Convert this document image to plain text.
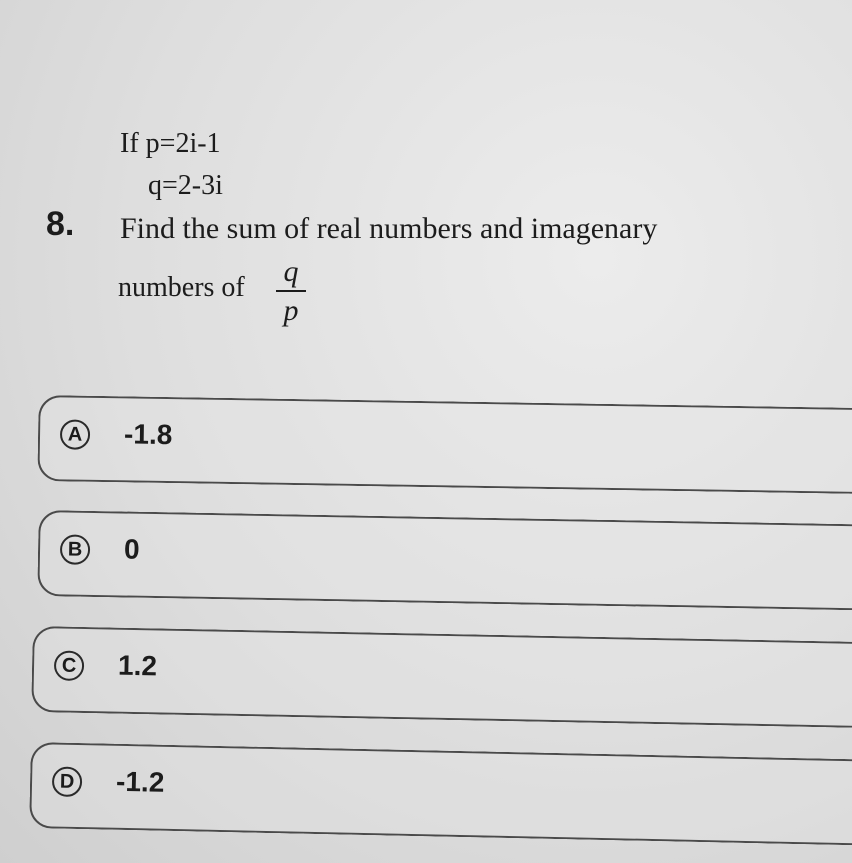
If p=2i-1
q=2-3i
8. Find the sum of real numbers and imagenary
numbers of q
p
A -1.8
B 0
C 1.2
D -1.2
